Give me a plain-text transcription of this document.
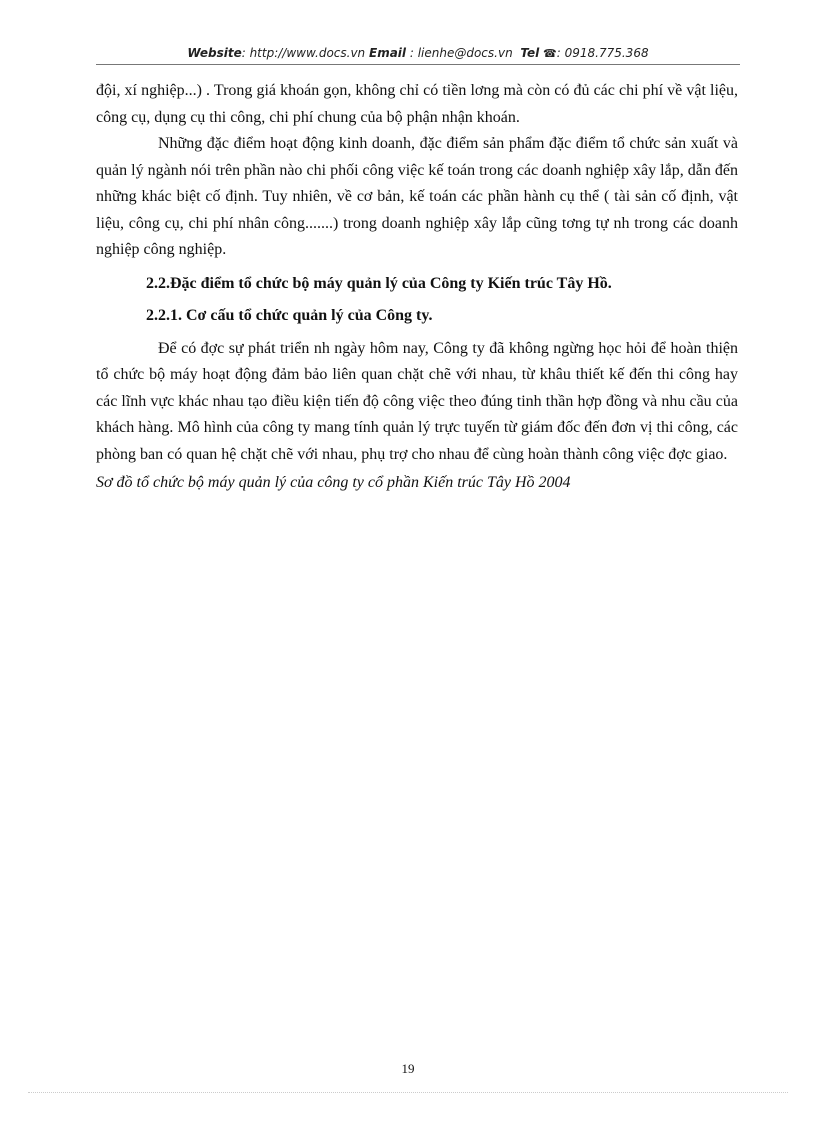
Website: http://www.docs.vn Email : lienhe@docs.vn Tel ☎: 0918.775.368

đội, xí nghiệp...) . Trong giá khoán gọn, không chỉ có tiền lơng mà còn có đủ các chi phí về vật liệu, công cụ, dụng cụ thi công, chi phí chung của bộ phận nhận khoán.

Những đặc điểm hoạt động kinh doanh, đặc điểm sản phẩm đặc điểm tổ chức sản xuất và quản lý ngành nói trên phần nào chi phối công việc kế toán trong các doanh nghiệp xây lắp, dẫn đến những khác biệt cố định. Tuy nhiên, về cơ bản, kế toán các phần hành cụ thể ( tài sản cố định, vật liệu, công cụ, chi phí nhân công.......) trong doanh nghiệp xây lắp cũng tơng tự nh trong các doanh nghiệp công nghiệp.

2.2.Đặc điểm tổ chức bộ máy quản lý của Công ty Kiến trúc Tây Hồ.

2.2.1. Cơ cấu tổ chức quản lý của Công ty.

Để có đợc sự phát triển nh ngày hôm nay, Công ty đã không ngừng học hỏi để hoàn thiện tổ chức bộ máy hoạt động đảm bảo liên quan chặt chẽ với nhau, từ khâu thiết kế đến thi công hay các lĩnh vực khác nhau tạo điều kiện tiến độ công việc theo đúng tinh thần hợp đồng và nhu cầu của khách hàng. Mô hình của công ty mang tính quản lý trực tuyến từ giám đốc đến đơn vị thi công, các phòng ban có quan hệ chặt chẽ với nhau, phụ trợ cho nhau để cùng hoàn thành công việc đợc giao.

Sơ đồ tổ chức bộ máy quản lý của công ty cổ phần Kiến trúc Tây Hồ 2004

19
